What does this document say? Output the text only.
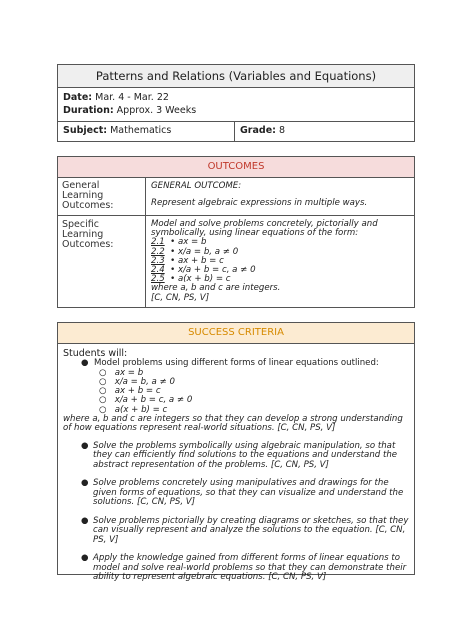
Patterns and Relations (Variables and Equations)
Date: Mar. 4 - Mar. 22
Duration: Approx. 3 Weeks
Subject: Mathematics	Grade: 8
OUTCOMES
General Learning Outcomes:
GENERAL OUTCOME:
Represent algebraic expressions in multiple ways.
Specific Learning Outcomes:
Model and solve problems concretely, pictorially and symbolically, using linear equations of the form:
2.1 • ax = b
2.2 • x/a = b, a ≠ 0
2.3 • ax + b = c
2.4 • x/a + b = c, a ≠ 0
2.5 • a(x + b) = c
where a, b and c are integers.
[C, CN, PS, V]
SUCCESS CRITERIA
Students will:
●  Model problems using different forms of linear equations outlined:
○   ax = b
○   x/a = b, a ≠ 0
○   ax + b = c
○   x/a + b = c, a ≠ 0
○   a(x + b) = c
where a, b and c are integers so that they can develop a strong understanding of how equations represent real-world situations. [C, CN, PS, V]
● Solve the problems symbolically using algebraic manipulation, so that they can efficiently find solutions to the equations and understand the abstract representation of the problems. [C, CN, PS, V]
● Solve problems concretely using manipulatives and drawings for the given forms of equations, so that they can visualize and understand the solutions. [C, CN, PS, V]
● Solve problems pictorially by creating diagrams or sketches, so that they can visually represent and analyze the solutions to the equation. [C, CN, PS, V]
● Apply the knowledge gained from different forms of linear equations to model and solve real-world problems so that they can demonstrate their ability to represent algebraic equations. [C, CN, PS, V]
